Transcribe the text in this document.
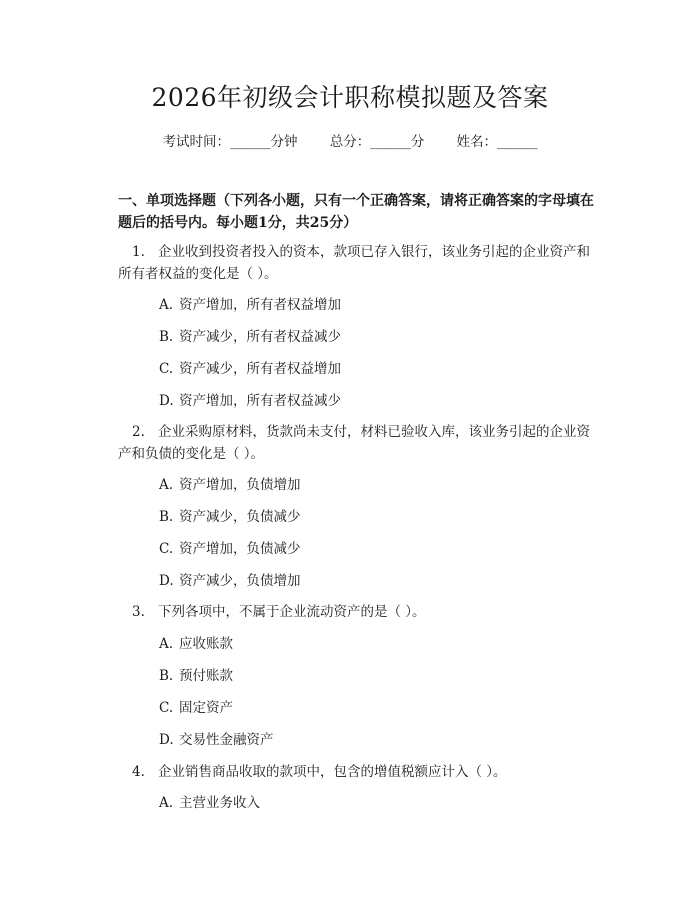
2026年初级会计职称模拟题及答案
考试时间：______分钟 总分：______分 姓名：______
一、单项选择题（下列各小题，只有一个正确答案，请将正确答案的字母填在题后的括号内。每小题1分，共25分）
1. 企业收到投资者投入的资本，款项已存入银行，该业务引起的企业资产和所有者权益的变化是（ ）。
A. 资产增加，所有者权益增加
B. 资产减少，所有者权益减少
C. 资产减少，所有者权益增加
D. 资产增加，所有者权益减少
2. 企业采购原材料，货款尚未支付，材料已验收入库，该业务引起的企业资产和负债的变化是（ ）。
A. 资产增加，负债增加
B. 资产减少，负债减少
C. 资产增加，负债减少
D. 资产减少，负债增加
3. 下列各项中，不属于企业流动资产的是（ ）。
A. 应收账款
B. 预付账款
C. 固定资产
D. 交易性金融资产
4. 企业销售商品收取的款项中，包含的增值税额应计入（ ）。
A. 主营业务收入
